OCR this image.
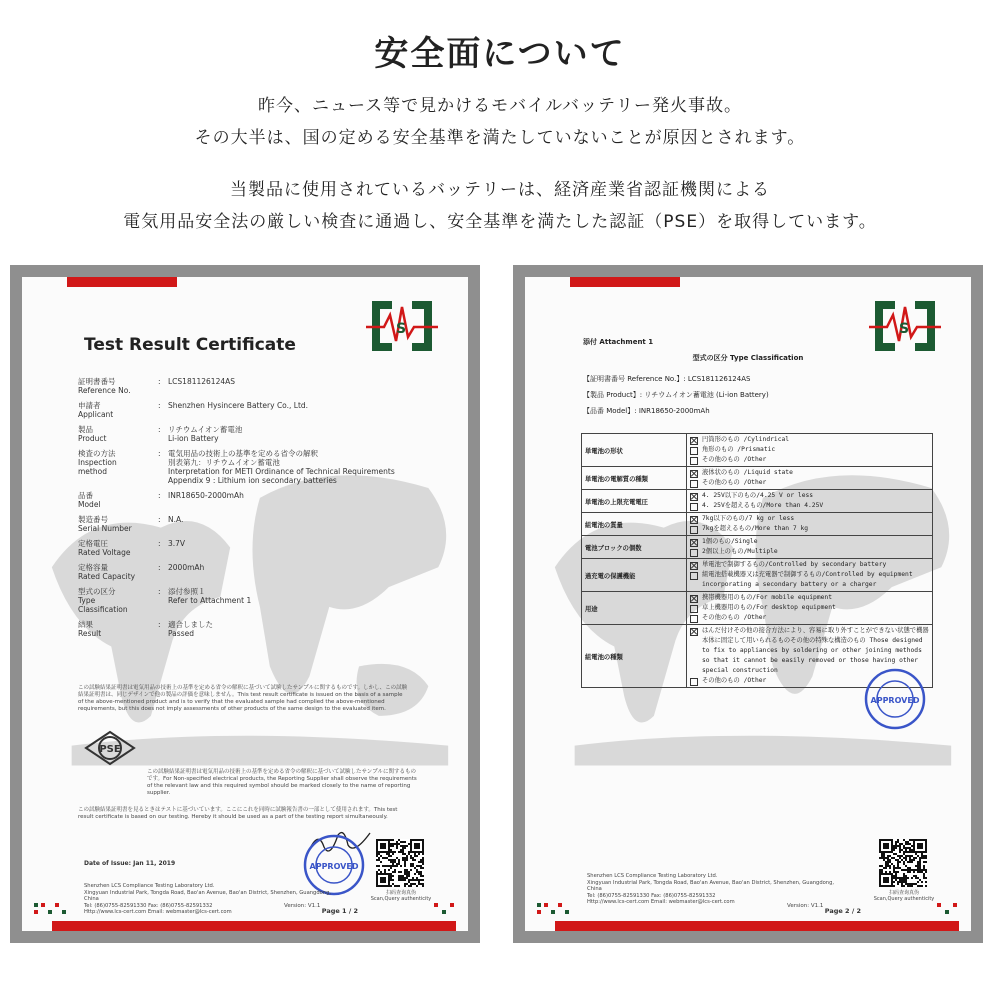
安全面について
昨今、ニュース等で見かけるモバイルバッテリー発火事故。
その大半は、国の定める安全基準を満たしていないことが原因とされます。
当製品に使用されているバッテリーは、経済産業省認証機関による
電気用品安全法の厳しい検査に通過し、安全基準を満たした認証（PSE）を取得しています。
S
Test Result Certificate
証明書番号
Reference No.
: LCS181126124AS
申請者
Applicant
: Shenzhen Hysincere Battery Co., Ltd.
製品
Product
: リチウムイオン蓄電池
Li-ion Battery
検査の方法
Inspection
method
: 電気用品の技術上の基準を定める省令の解釈
別表第九：リチウムイオン蓄電池
Interpretation for METI Ordinance of Technical Requirements
Appendix 9 : Lithium ion secondary batteries
品番
Model
: INR18650-2000mAh
製造番号
Serial Number
: N.A.
定格電圧
Rated Voltage
: 3.7V
定格容量
Rated Capacity
: 2000mAh
型式の区分
Type
Classification
: 添付参照１
Refer to Attachment 1
結果
Result
: 適合しました
Passed
この試験結果証明書は電気用品の技術上の基準を定める省令の解釈に基づいて試験したサンプルに関するものです。しかし、この試験結果証明書は、同じデザインで他の製品の評価を意味しません。This test result certificate is issued on the basis of a sample of the above-mentioned product and is to verify that the evaluated sample had complied the above-mentioned requirements, but this does not imply assessments of other products of the same design to the evaluated item.
PSE
この試験結果証明書は電気用品の技術上の基準を定める省令の解釈に基づいて試験したサンプルに関するものです。For Non-specified electrical products, the Reporting Supplier shall observe the requirements of the relevant law and this required symbol should be marked closely to the name of reporting supplier.
この試験結果証明書を見るときはテストに基づいています。ここにこれを同時に試験報告書の一部として使用されます。This test result certificate is based on our testing. Hereby it should be used as a part of the testing report simultaneously.
APPROVED
Date of Issue: Jan 11, 2019
Shenzhen LCS Compliance Testing Laboratory Ltd.
Xingyuan Industrial Park, Tongda Road, Bao'an Avenue, Bao'an District, Shenzhen, Guangdong, China
Tel: (86)0755-82591330 Fax: (86)0755-82591332
Http://www.lcs-cert.com Email: webmaster@lcs-cert.com
Version: V1.1
Page 1 / 2
扫码查询真伪
Scan,Query authenticity
S
添付 Attachment 1
型式の区分 Type Classification
【証明書番号 Reference No.】: LCS181126124AS
【製品 Product】: リチウムイオン蓄電池 (Li-ion Battery)
【品番 Model】: INR18650-2000mAh
単電池の形状	円筒形のもの /Cylindrical
角形のもの /Prismatic
その他のもの /Other

単電池の電解質の種類	液体状のもの /Liquid state
その他のもの /Other

単電池の上限充電電圧	4. 25V以下のもの/4.25 V or less
4. 25Vを超えるもの/More than 4.25V

組電池の質量	7kg以下のもの/7 kg or less
7kgを超えるもの/More than 7 kg

電池ブロックの個数	1個のもの/Single
2個以上のもの/Multiple

過充電の保護機能	単電池で制御するもの/Controlled by secondary battery
組電池搭載機器又は充電器で制御するもの/Controlled by equipment incorporating a secondary battery or a charger

用途	携帯機器用のもの/For mobile equipment
卓上機器用のもの/For desktop equipment
その他のもの /Other

組電池の種類	はんだ付けその他の接合方法により、容易に取り外すことができない状態で機器本体に固定して用いられるものその他の特殊な構造のもの Those designed to fix to appliances by soldering or other joining methods so that it cannot be easily removed or those having other special construction
その他のもの /Other
APPROVED
Shenzhen LCS Compliance Testing Laboratory Ltd.
Xingyuan Industrial Park, Tongda Road, Bao'an Avenue, Bao'an District, Shenzhen, Guangdong, China
Tel: (86)0755-82591330 Fax: (86)0755-82591332
Http://www.lcs-cert.com Email: webmaster@lcs-cert.com
Version: V1.1
Page 2 / 2
扫码查询真伪
Scan,Query authenticity
